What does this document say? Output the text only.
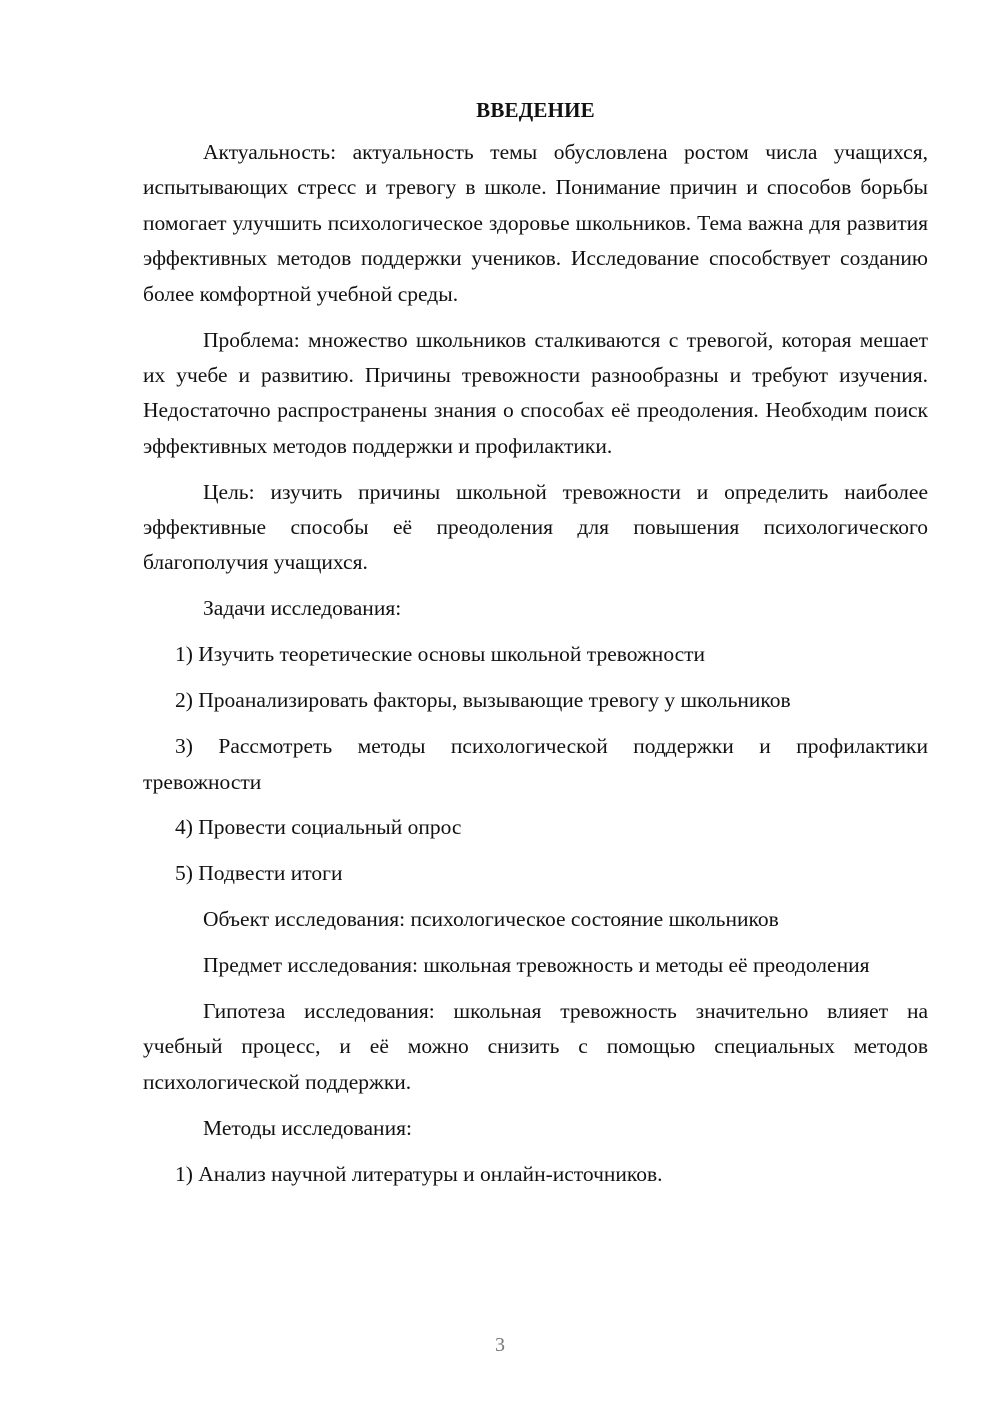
ВВЕДЕНИЕ

Актуальность: актуальность темы обусловлена ростом числа учащихся, испытывающих стресс и тревогу в школе. Понимание причин и способов борьбы помогает улучшить психологическое здоровье школьников. Тема важна для развития эффективных методов поддержки учеников. Исследование способствует созданию более комфортной учебной среды.

Проблема: множество школьников сталкиваются с тревогой, которая мешает их учебе и развитию. Причины тревожности разнообразны и требуют изучения. Недостаточно распространены знания о способах её преодоления. Необходим поиск эффективных методов поддержки и профилактики.

Цель: изучить причины школьной тревожности и определить наиболее эффективные способы её преодоления для повышения психологического благополучия учащихся.

Задачи исследования:

1) Изучить теоретические основы школьной тревожности

2) Проанализировать факторы, вызывающие тревогу у школьников

3) Рассмотреть методы психологической поддержки и профилактики тревожности

4) Провести социальный опрос

5) Подвести итоги

Объект исследования: психологическое состояние школьников

Предмет исследования: школьная тревожность и методы её преодоления

Гипотеза исследования: школьная тревожность значительно влияет на учебный процесс, и её можно снизить с помощью специальных методов психологической поддержки.

Методы исследования:

1) Анализ научной литературы и онлайн-источников.

3
